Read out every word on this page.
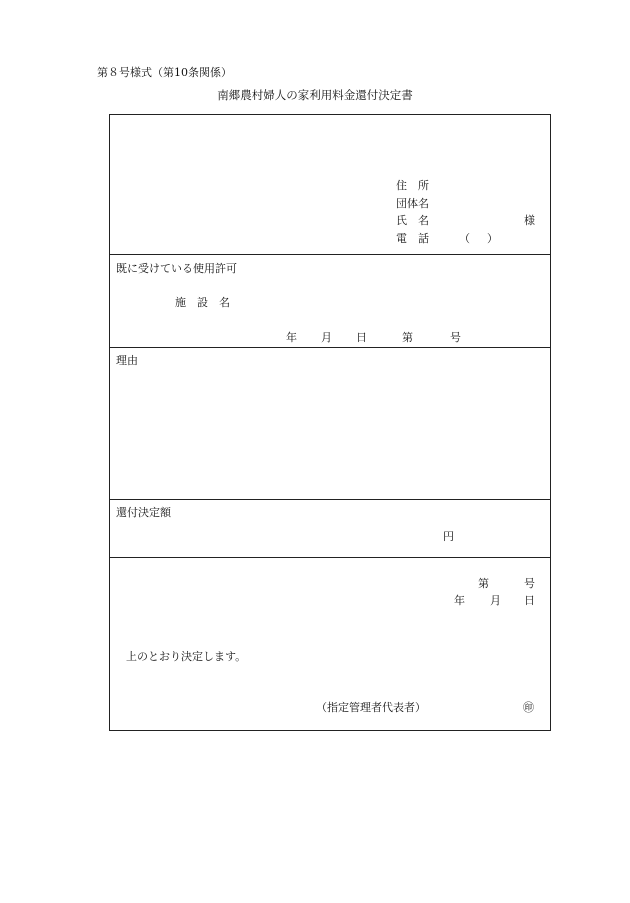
第８号様式（第10条関係）
南郷農村婦人の家利用料金還付決定書
住　所
団体名
氏　名	様
電　話	（ ）
既に受けている使用許可
施　設　名
年 月 日	第	号
理由
還付決定額
円
第	号
年 月 日
上のとおり決定します。
（指定管理者代表者）	㊞
